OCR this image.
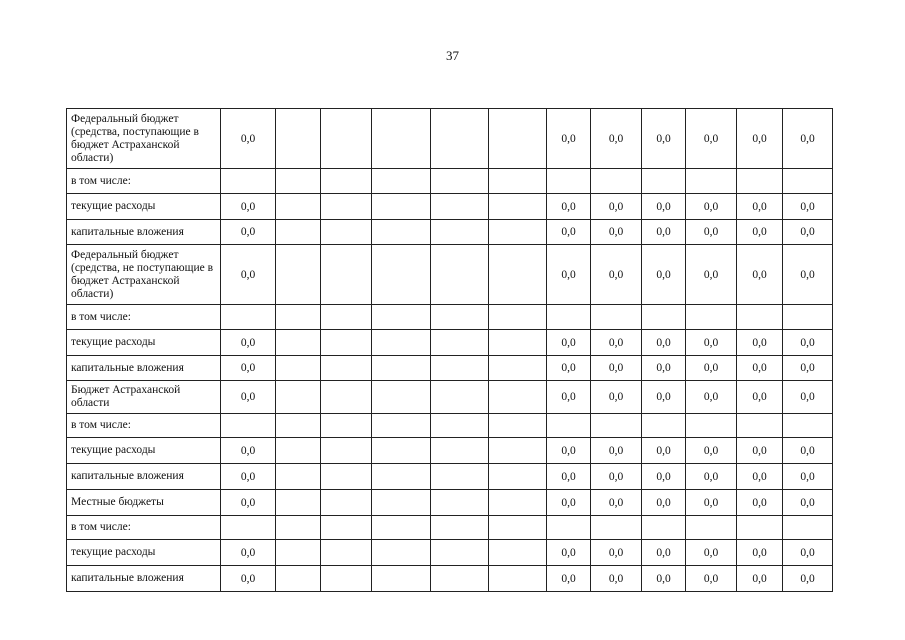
37
Федеральный бюджет (средства, поступающие в бюджет Астраханской области)	0,0						0,0	0,0	0,0	0,0	0,0	0,0
в том числе:												
текущие расходы	0,0						0,0	0,0	0,0	0,0	0,0	0,0
капитальные вложения	0,0						0,0	0,0	0,0	0,0	0,0	0,0
Федеральный бюджет (средства, не поступающие в бюджет Астраханской области)	0,0						0,0	0,0	0,0	0,0	0,0	0,0
в том числе:												
текущие расходы	0,0						0,0	0,0	0,0	0,0	0,0	0,0
капитальные вложения	0,0						0,0	0,0	0,0	0,0	0,0	0,0
Бюджет Астраханской области	0,0						0,0	0,0	0,0	0,0	0,0	0,0
в том числе:												
текущие расходы	0,0						0,0	0,0	0,0	0,0	0,0	0,0
капитальные вложения	0,0						0,0	0,0	0,0	0,0	0,0	0,0
Местные бюджеты	0,0						0,0	0,0	0,0	0,0	0,0	0,0
в том числе:												
текущие расходы	0,0						0,0	0,0	0,0	0,0	0,0	0,0
капитальные вложения	0,0						0,0	0,0	0,0	0,0	0,0	0,0
